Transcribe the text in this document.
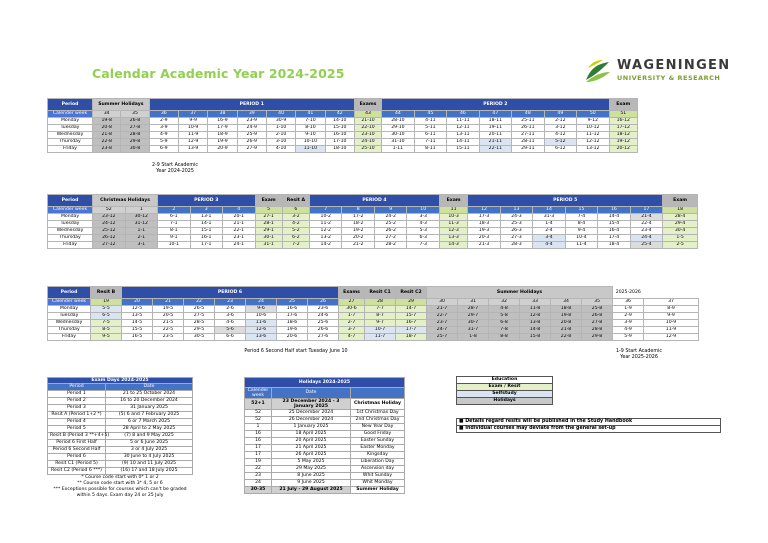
Calendar Academic Year 2024-2025
WAGENINGEN
UNIVERSITY & RESEARCH
Period	Summer Holidays		PERIOD 1							Exams	PERIOD 2							Exam

Calender week	34	35	36	37	38	39	40	41	42	43	44	45	46	47	48	49	50	51
Monday	19-8	26-8	2-9	9-9	16-9	23-9	30-9	7-10	14-10	21-10	28-10	4-11	11-11	18-11	25-11	2-12	9-12	16-12
Tuesday	20-8	27-8	3-9	10-9	17-9	24-9	1-10	8-10	15-10	22-10	29-10	5-11	12-11	19-11	26-11	3-12	10-12	17-12
Wednesday	21-8	28-8	4-9	11-9	18-9	25-9	2-10	9-10	16-10	23-10	30-10	6-11	13-11	20-11	27-11	4-12	11-12	18-12
Thursday	22-8	29-8	5-9	12-9	19-9	26-9	3-10	10-10	17-10	24-10	31-10	7-11	14-11	21-11	28-11	5-12	12-12	19-12
Friday	23-8	30-8	6-9	13-9	20-9	27-9	4-10	11-10	18-10	25-10	1-11	8-11	15-11	22-11	29-11	6-12	13-12	20-12
2-9 Start Academic Year 2024-2025
Period	Christmas Holidays		PERIOD 3			Exam	Resit A	PERIOD 4				Exam	PERIOD 5						Exam
Calender week	52	1	2	3	4	5	6	7	8	9	10	11	12	13	14	15	16	17	18
Monday	23-12	30-12	6-1	13-1	20-1	27-1	3-2	10-2	17-2	24-2	3-3	10-3	17-3	24-3	31-3	7-4	14-4	21-4	28-4
Tuesday	24-12	31-12	7-1	14-1	21-1	28-1	4-2	11-2	18-2	25-2	4-3	11-3	18-3	25-3	1-4	8-4	15-4	22-4	29-4
Wednesday	25-12	1-1	8-1	15-1	22-1	29-1	5-2	12-2	19-2	26-2	5-3	12-3	19-3	26-3	2-4	9-4	16-4	23-4	30-4
Thursday	26-12	2-1	9-1	16-1	23-1	30-1	6-2	13-2	20-2	27-2	6-3	13-3	20-3	27-3	3-4	10-4	17-4	24-4	1-5
Friday	27-12	3-1	10-1	17-1	24-1	31-1	7-2	14-2	21-2	28-2	7-3	14-3	21-3	28-3	4-4	11-4	18-4	25-4	2-5
Period	Resit B	PERIOD 6							Exams	Resit C1	Resit C2	Summer Holidays						2025-2026	
Calender week	19	20	21	22	23	24	25	26	27	28	29	30	31	32	33	34	35	36	37
Monday	5-5	12-5	19-5	26-5	2-6	9-6	16-6	23-6	30-6	7-7	14-7	21-7	28-7	4-8	11-8	18-8	25-8	1-9	8-9
Tuesday	6-5	13-5	20-5	27-5	3-6	10-6	17-6	24-6	1-7	8-7	15-7	22-7	29-7	5-8	12-8	19-8	26-8	2-9	9-9
Wednesday	7-5	14-5	21-5	28-5	4-6	11-6	18-6	25-6	2-7	9-7	16-7	23-7	30-7	6-8	13-8	20-8	27-8	3-9	10-9
Thursday	8-5	15-5	22-5	29-5	5-6	12-6	19-6	26-6	3-7	10-7	17-7	24-7	31-7	7-8	14-8	21-8	28-8	4-9	11-9
Friday	9-5	16-5	23-5	30-5	6-6	13-6	20-6	27-6	4-7	11-7	18-7	25-7	1-8	8-8	15-8	22-8	29-8	5-9	12-9
Period 6 Second Half start Tuesday June 10	1-9 Start Academic Year 2025-2026
Exam Days 2024-2025	
Period	Date
Period 1	21 to 25 October 2024
Period 2	16 to 20 December 2024
Period 3	31 January 2025
Resit A (Period 1+2 *)	(5) 6 and 7 February 2025
Period 4	6 or 7 March 2025
Period 5	28 April to 2 May 2025
Resit B (Period 3 **+4+5)	(7) 8 and 9 May 2025
Period 6 First Half	5 or 6 June 2025
Period 6 Second Half	3 or 4 July 2025
Period 6	30 June to 4 July 2025
Resit C1 (Period 5)	(9) 10 and 11 July 2025
Resit C2 (Period 6 ***)	(16) 17 and 18 July 2025
* Course code start with 0* 1 or 2	
** Course code start with 3* 4, 5 or 6	
*** Exceptions possible for courses which can't be graded within 5 days. Exam day 24 or 25 July	
Holidays 2024-2025		
Calender week	Date	
52+1	23 December 2024 - 3 January 2025	Christmas Holiday
52	25 December 2024	1st Christmas Day
52	26 December 2024	2nd Christmas Day
1	1 January 2025	New Year Day
16	18 April 2025	Good Friday
16	20 April 2025	Easter Sunday
17	21 April 2025	Easter Monday
17	26 April 2025	Kingsday
19	5 May 2025	Liberation Day
22	29 May 2025	Ascension day
23	8 June 2025	Whit Sunday
24	9 June 2025	Whit Monday
30-35	21 July - 29 August 2025	Summer Holiday
Education
Exam / Resit
Selfstudy
Holidays
■ Details regard resits will be published in the Study Handbook
■ Individual courses may deviate from the general set-up
